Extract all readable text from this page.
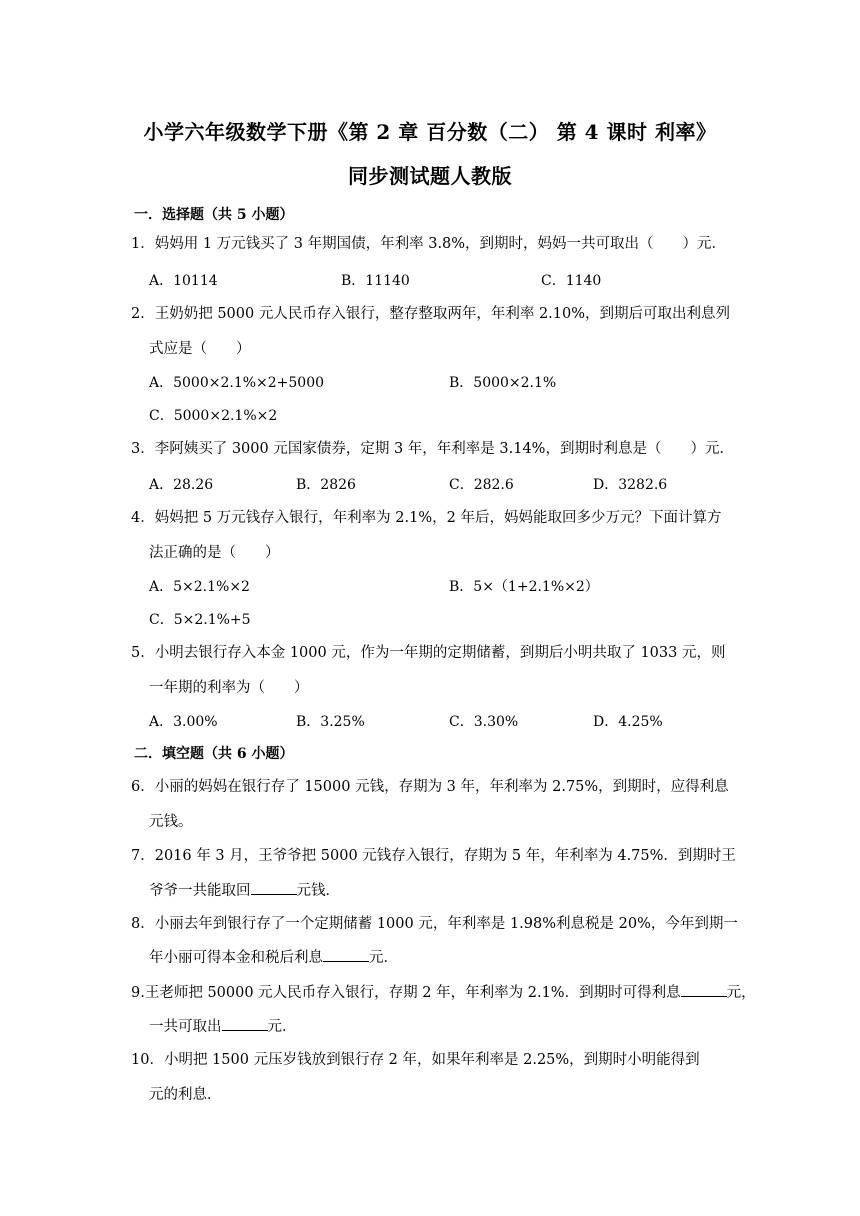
小学六年级数学下册《第 2 章 百分数（二） 第 4 课时 利率》
同步测试题人教版
一．选择题（共 5 小题）
1．妈妈用 1 万元钱买了 3 年期国债，年利率 3.8%，到期时，妈妈一共可取出（　　）元．
A．10114	B．11140	C．1140
2．王奶奶把 5000 元人民币存入银行，整存整取两年，年利率 2.10%，到期后可取出利息列
式应是（　　）
A．5000×2.1%×2+5000	B．5000×2.1%
C．5000×2.1%×2
3．李阿姨买了 3000 元国家债券，定期 3 年，年利率是 3.14%，到期时利息是（　　）元．
A．28.26	B．2826	C．282.6	D．3282.6
4．妈妈把 5 万元钱存入银行，年利率为 2.1%，2 年后，妈妈能取回多少万元？下面计算方
法正确的是（　　）
A．5×2.1%×2	B．5×（1+2.1%×2）
C．5×2.1%+5
5．小明去银行存入本金 1000 元，作为一年期的定期储蓄，到期后小明共取了 1033 元，则
一年期的利率为（　　）
A．3.00%	B．3.25%	C．3.30%	D．4.25%
二．填空题（共 6 小题）
6．小丽的妈妈在银行存了 15000 元钱，存期为 3 年，年利率为 2.75%，到期时，应得利息
元钱。
7．2016 年 3 月，王爷爷把 5000 元钱存入银行，存期为 5 年，年利率为 4.75%．到期时王
爷爷一共能取回	元钱．
8．小丽去年到银行存了一个定期储蓄 1000 元，年利率是 1.98%利息税是 20%，今年到期一
年小丽可得本金和税后利息	元．
9.王老师把 50000 元人民币存入银行，存期 2 年，年利率为 2.1%．到期时可得利息	元，
一共可取出	元．
10．小明把 1500 元压岁钱放到银行存 2 年，如果年利率是 2.25%，到期时小明能得到
元的利息．
